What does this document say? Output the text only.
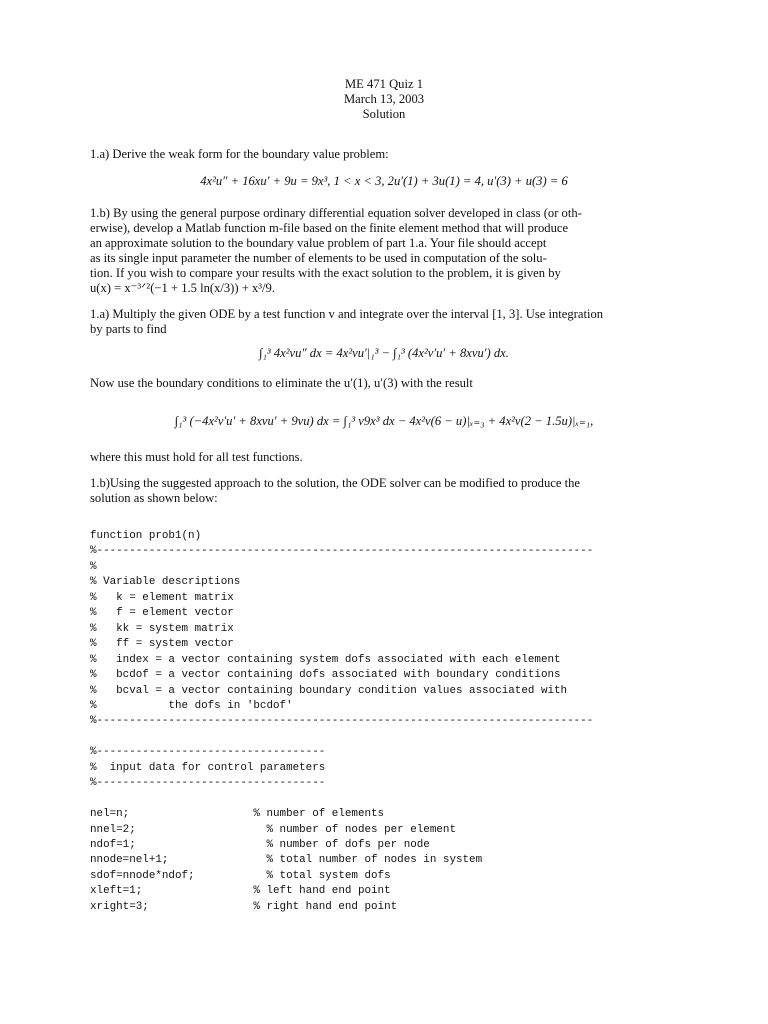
ME 471 Quiz 1
March 13, 2003
Solution
1.a) Derive the weak form for the boundary value problem:
4x²u″ + 16xu′ + 9u = 9x³, 1 < x < 3, 2u′(1) + 3u(1) = 4, u′(3) + u(3) = 6
1.b) By using the general purpose ordinary differential equation solver developed in class (or oth-
erwise), develop a Matlab function m-file based on the finite element method that will produce
an approximate solution to the boundary value problem of part 1.a. Your file should accept
as its single input parameter the number of elements to be used in computation of the solu-
tion. If you wish to compare your results with the exact solution to the problem, it is given by
u(x) = x⁻³ᐟ²(−1 + 1.5 ln(x/3)) + x³/9.
1.a) Multiply the given ODE by a test function v and integrate over the interval [1, 3]. Use integration
by parts to find
∫₁³ 4x²vu″ dx = 4x²vu′|₁³ − ∫₁³ (4x²v′u′ + 8xvu′) dx.
Now use the boundary conditions to eliminate the u′(1), u′(3) with the result
∫₁³ (−4x²v′u′ + 8xvu′ + 9vu) dx = ∫₁³ v9x³ dx − 4x²v(6 − u)|ₓ₌₃ + 4x²v(2 − 1.5u)|ₓ₌₁,
where this must hold for all test functions.
1.b)Using the suggested approach to the solution, the ODE solver can be modified to produce the
solution as shown below:
function prob1(n)
%----------------------------------------------------------------------------
%
% Variable descriptions
%   k = element matrix
%   f = element vector
%   kk = system matrix
%   ff = system vector
%   index = a vector containing system dofs associated with each element
%   bcdof = a vector containing dofs associated with boundary conditions
%   bcval = a vector containing boundary condition values associated with
%           the dofs in 'bcdof'
%----------------------------------------------------------------------------
%-----------------------------------
%  input data for control parameters
%-----------------------------------
nel=n;                   % number of elements
nnel=2;                    % number of nodes per element
ndof=1;                    % number of dofs per node
nnode=nel+1;               % total number of nodes in system
sdof=nnode*ndof;           % total system dofs
xleft=1;                 % left hand end point
xright=3;                % right hand end point
